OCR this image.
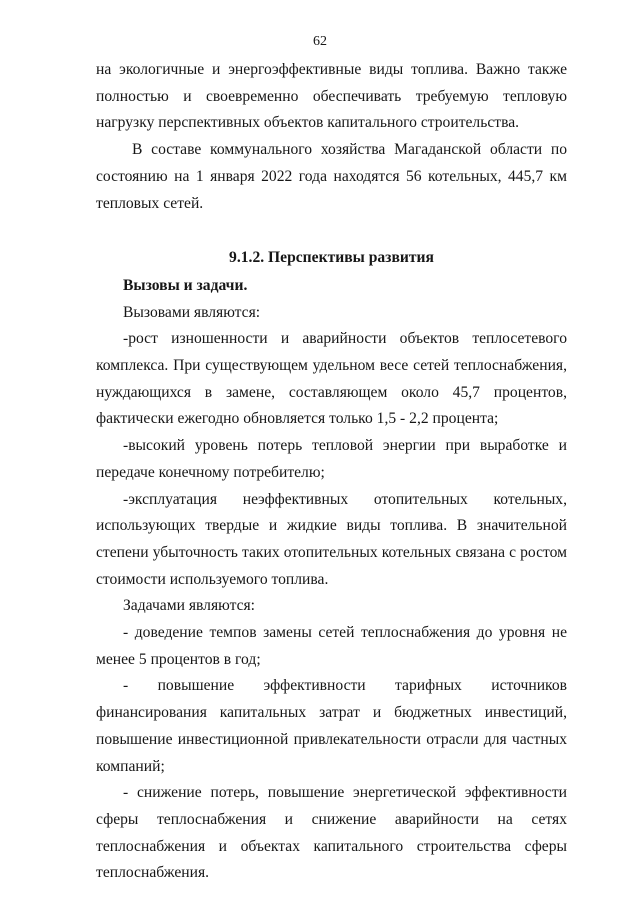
62

на экологичные и энергоэффективные виды топлива. Важно также полностью и своевременно обеспечивать требуемую тепловую нагрузку перспективных объектов капитального строительства.

В составе коммунального хозяйства Магаданской области по состоянию на 1 января 2022 года находятся 56 котельных, 445,7 км тепловых сетей.

9.1.2. Перспективы развития

Вызовы и задачи.

Вызовами являются:

-рост изношенности и аварийности объектов теплосетевого комплекса. При существующем удельном весе сетей теплоснабжения, нуждающихся в замене, составляющем около 45,7 процентов, фактически ежегодно обновляется только 1,5 - 2,2 процента;

-высокий уровень потерь тепловой энергии при выработке и передаче конечному потребителю;

-эксплуатация неэффективных отопительных котельных, использующих твердые и жидкие виды топлива. В значительной степени убыточность таких отопительных котельных связана с ростом стоимости используемого топлива.

Задачами являются:

- доведение темпов замены сетей теплоснабжения до уровня не менее 5 процентов в год;

- повышение эффективности тарифных источников финансирования капитальных затрат и бюджетных инвестиций, повышение инвестиционной привлекательности отрасли для частных компаний;

- снижение потерь, повышение энергетической эффективности сферы теплоснабжения и снижение аварийности на сетях теплоснабжения и объектах капитального строительства сферы теплоснабжения.
